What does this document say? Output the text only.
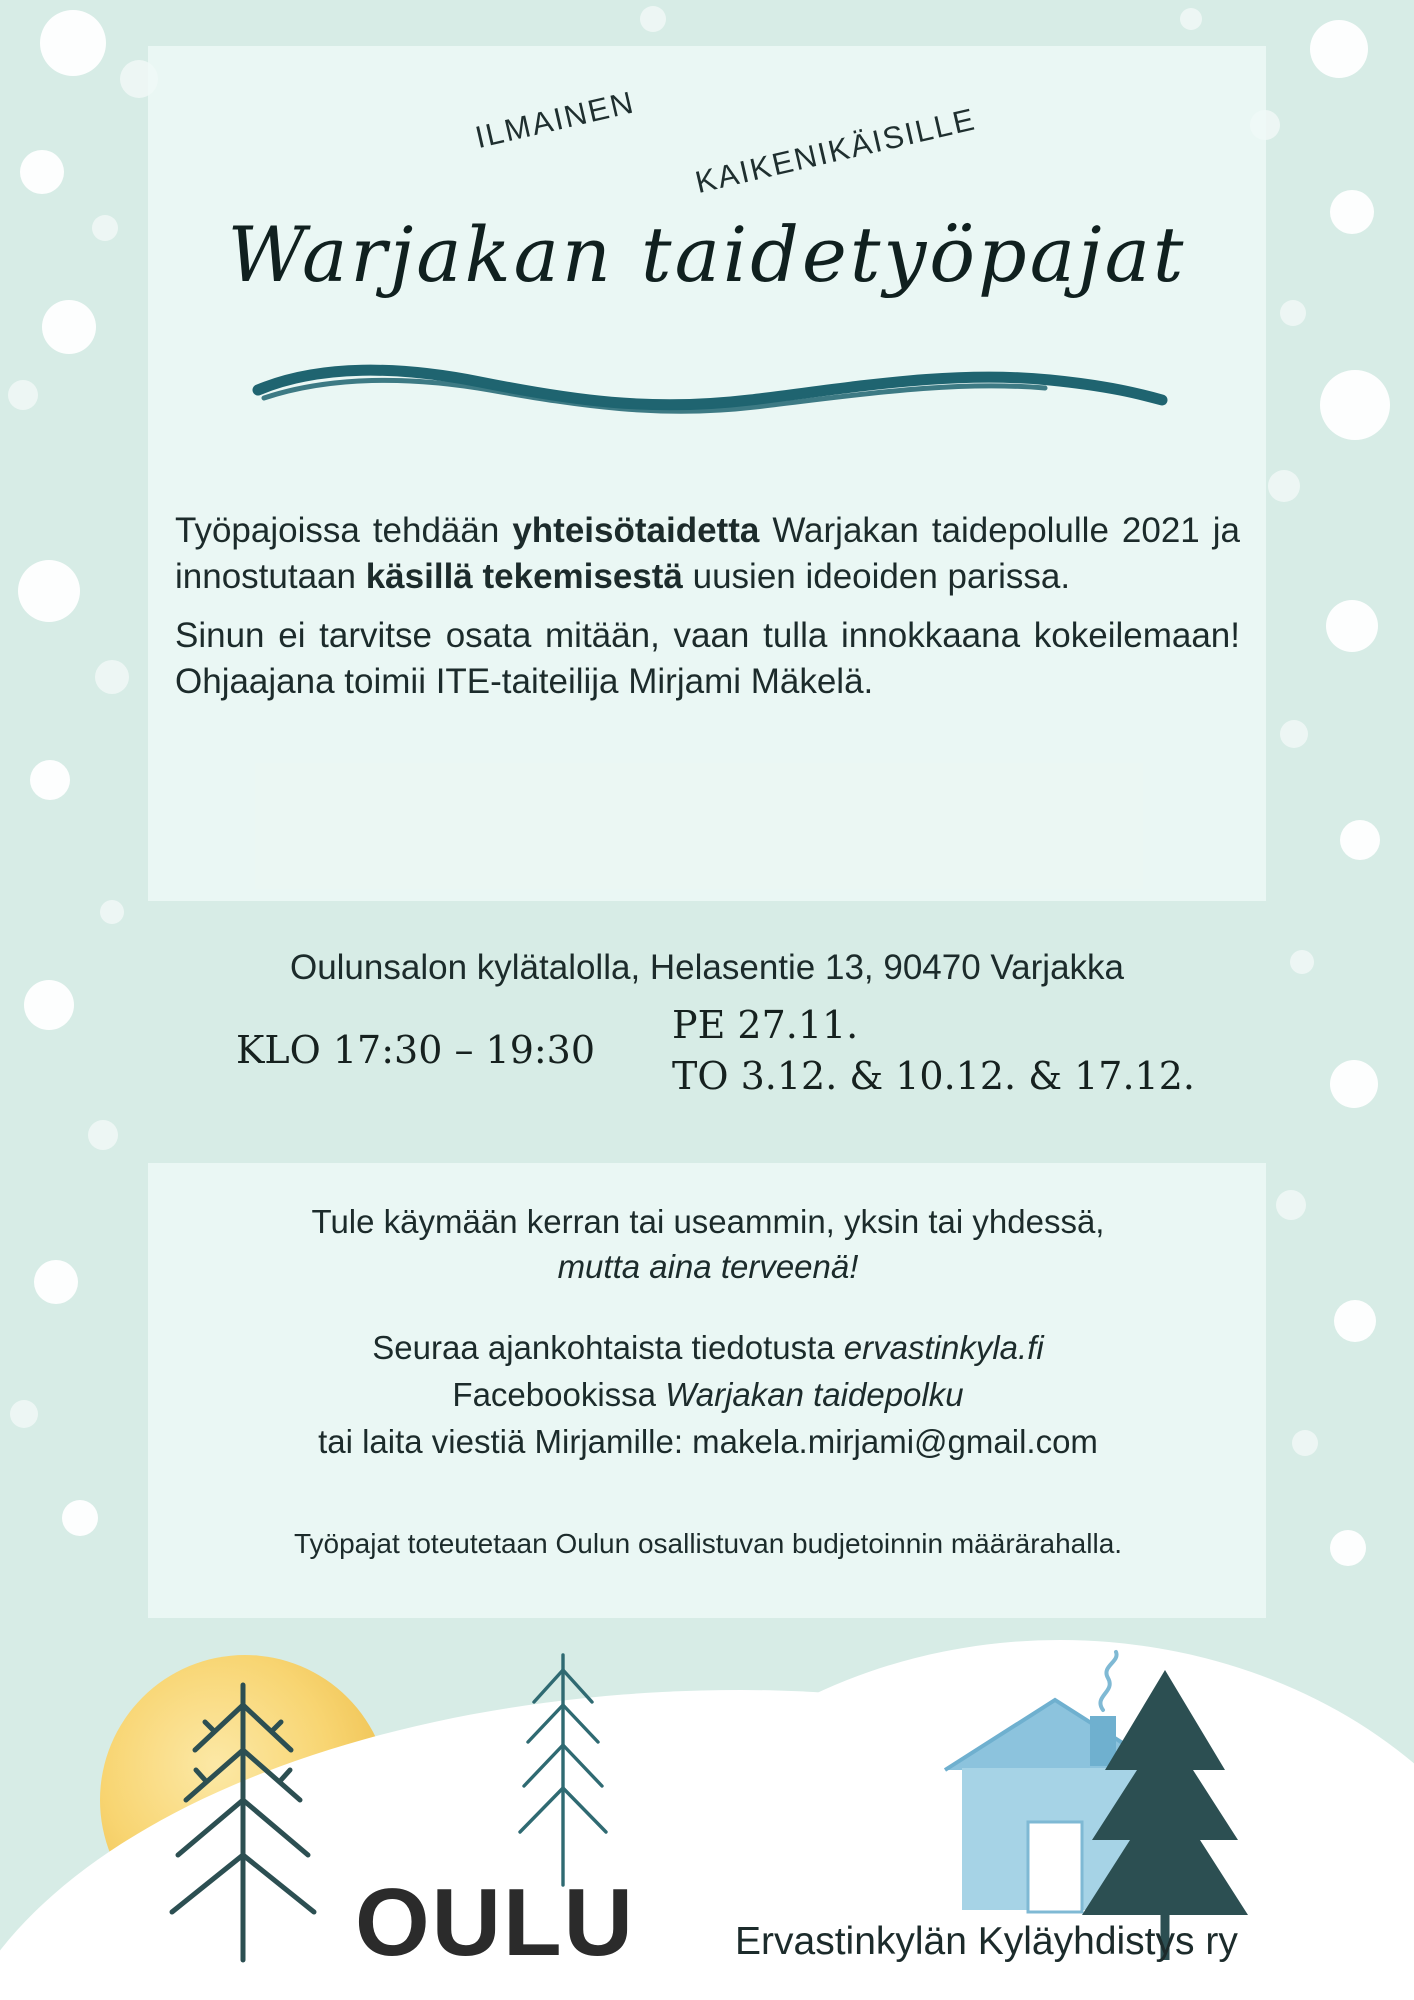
ILMAINEN KAIKENIKÄISILLE
Warjakan taidetyöpajat

Työpajoissa tehdään yhteisötaidetta Warjakan taidepolulle 2021 ja innostutaan käsillä tekemisestä uusien ideoiden parissa.

Sinun ei tarvitse osata mitään, vaan tulla innokkaana kokeilemaan! Ohjaajana toimii ITE-taiteilija Mirjami Mäkelä.

Oulunsalon kylätalolla, Helasentie 13, 90470 Varjakka
KLO 17:30 – 19:30
PE 27.11.
TO 3.12. & 10.12. & 17.12.
Tule käymään kerran tai useammin, yksin tai yhdessä,
mutta aina terveenä!
Seuraa ajankohtaista tiedotusta ervastinkyla.fi
Facebookissa Warjakan taidepolku
tai laita viestiä Mirjamille: makela.mirjami@gmail.com
Työpajat toteutetaan Oulun osallistuvan budjetoinnin määrärahalla.
OULU	Ervastinkylän Kyläyhdistys ry
